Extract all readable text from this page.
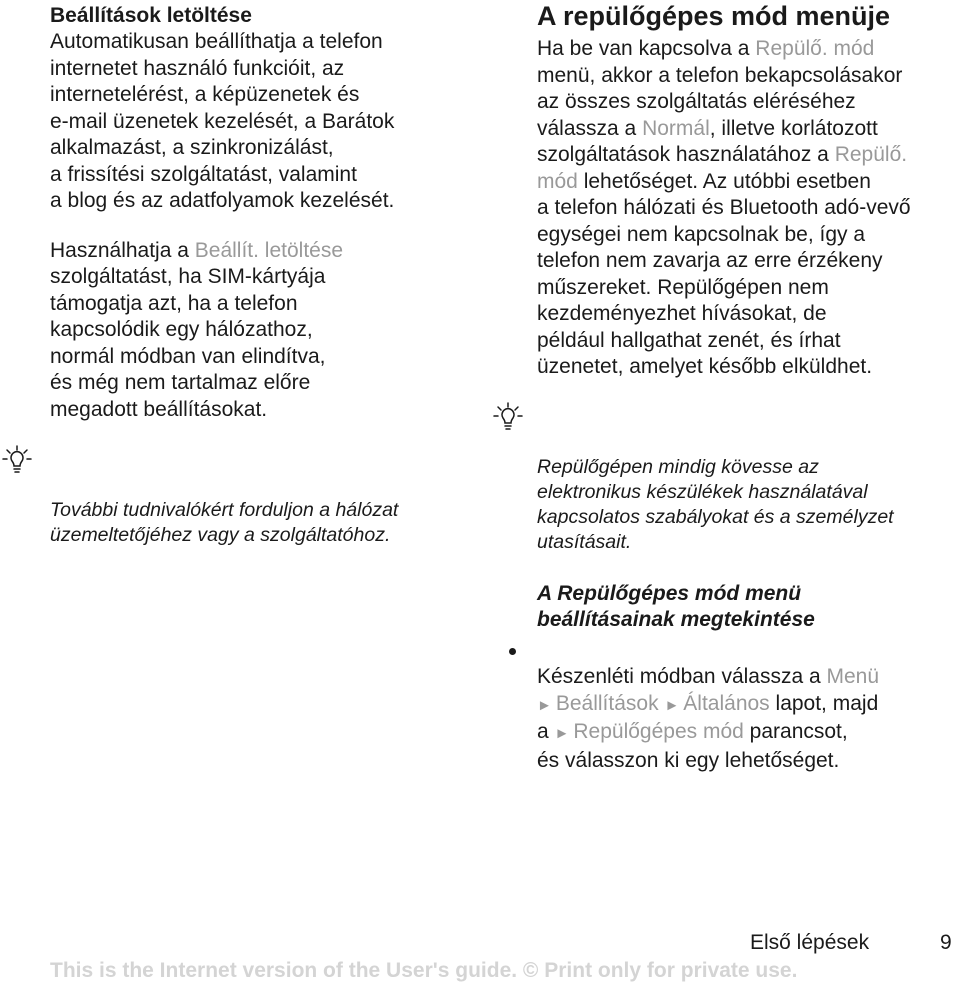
Beállítások letöltése

Automatikusan beállíthatja a telefon
internetet használó funkcióit, az
internetelérést, a képüzenetek és
e-mail üzenetek kezelését, a Barátok
alkalmazást, a szinkronizálást,
a frissítési szolgáltatást, valamint
a blog és az adatfolyamok kezelését.

Használhatja a Beállít. letöltése
szolgáltatást, ha SIM-kártyája
támogatja azt, ha a telefon
kapcsolódik egy hálózathoz,
normál módban van elindítva,
és még nem tartalmaz előre
megadott beállításokat.

További tudnivalókért forduljon a hálózat
üzemeltetőjéhez vagy a szolgáltatóhoz.

A repülőgépes mód menüje

Ha be van kapcsolva a Repülő. mód
menü, akkor a telefon bekapcsolásakor
az összes szolgáltatás eléréséhez
válassza a Normál, illetve korlátozott
szolgáltatások használatához a Repülő.
mód lehetőséget. Az utóbbi esetben
a telefon hálózati és Bluetooth adó-vevő
egységei nem kapcsolnak be, így a
telefon nem zavarja az erre érzékeny
műszereket. Repülőgépen nem
kezdeményezhet hívásokat, de
például hallgathat zenét, és írhat
üzenetet, amelyet később elküldhet.

Repülőgépen mindig kövesse az
elektronikus készülékek használatával
kapcsolatos szabályokat és a személyzet
utasításait.

A Repülőgépes mód menü
beállításainak megtekintése

Készenléti módban válassza a Menü
► Beállítások ► Általános lapot, majd
a ► Repülőgépes mód parancsot,
és válasszon ki egy lehetőséget.

Első lépések	9
This is the Internet version of the User's guide. © Print only for private use.
